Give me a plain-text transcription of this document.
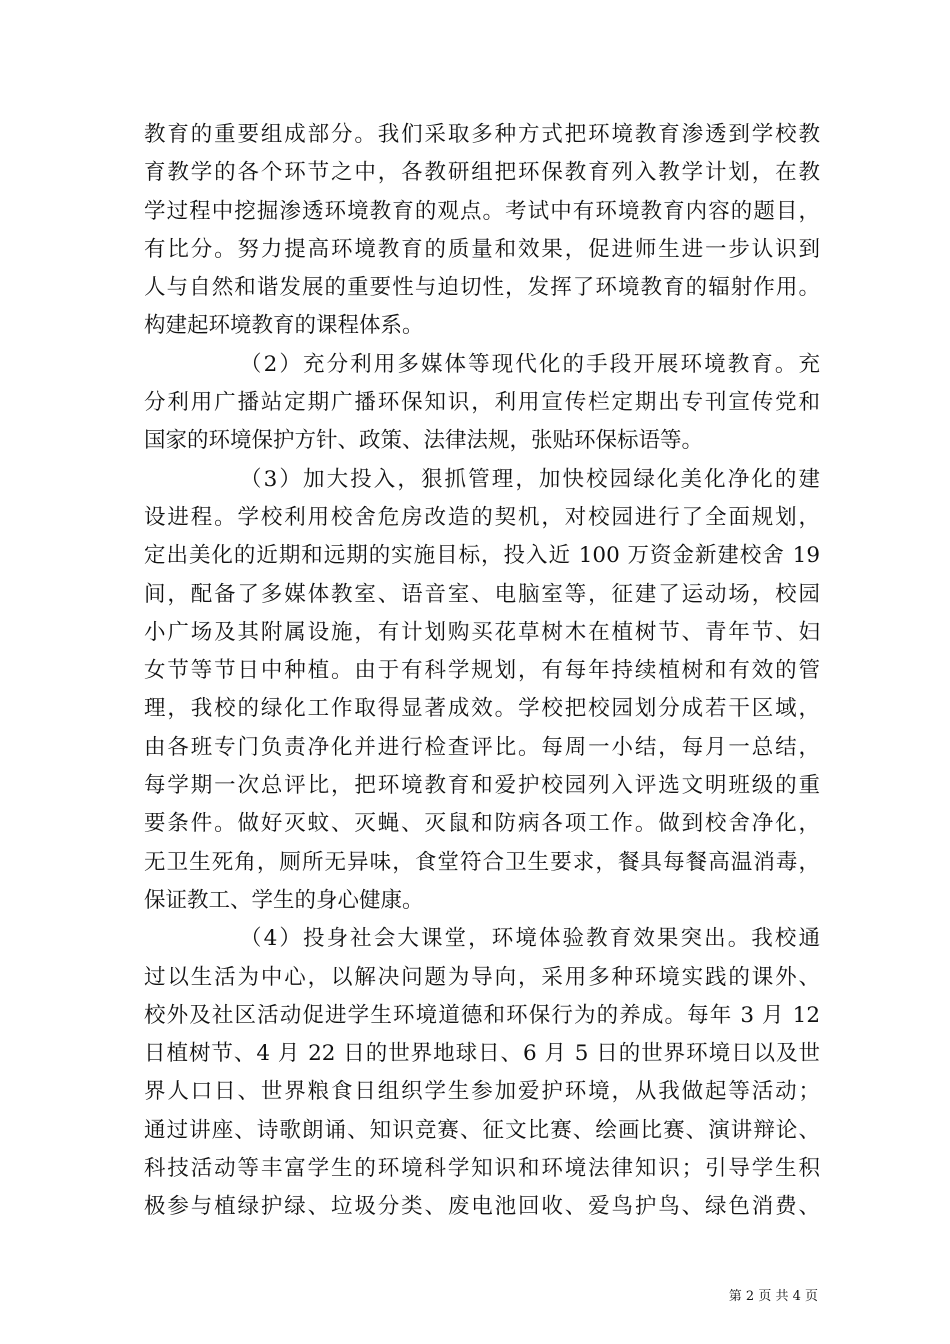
教育的重要组成部分。我们采取多种方式把环境教育渗透到学校教
育教学的各个环节之中，各教研组把环保教育列入教学计划，在教
学过程中挖掘渗透环境教育的观点。考试中有环境教育内容的题目，
有比分。努力提高环境教育的质量和效果，促进师生进一步认识到
人与自然和谐发展的重要性与迫切性，发挥了环境教育的辐射作用。
构建起环境教育的课程体系。
（2）充分利用多媒体等现代化的手段开展环境教育。充
分利用广播站定期广播环保知识，利用宣传栏定期出专刊宣传党和
国家的环境保护方针、政策、法律法规，张贴环保标语等。
（3）加大投入，狠抓管理，加快校园绿化美化净化的建
设进程。学校利用校舍危房改造的契机，对校园进行了全面规划，
定出美化的近期和远期的实施目标，投入近 100 万资金新建校舍 19
间，配备了多媒体教室、语音室、电脑室等，征建了运动场，校园
小广场及其附属设施，有计划购买花草树木在植树节、青年节、妇
女节等节日中种植。由于有科学规划，有每年持续植树和有效的管
理，我校的绿化工作取得显著成效。学校把校园划分成若干区域，
由各班专门负责净化并进行检查评比。每周一小结，每月一总结，
每学期一次总评比，把环境教育和爱护校园列入评选文明班级的重
要条件。做好灭蚊、灭蝇、灭鼠和防病各项工作。做到校舍净化，
无卫生死角，厕所无异味，食堂符合卫生要求，餐具每餐高温消毒，
保证教工、学生的身心健康。
（4）投身社会大课堂，环境体验教育效果突出。我校通
过以生活为中心，以解决问题为导向，采用多种环境实践的课外、
校外及社区活动促进学生环境道德和环保行为的养成。每年 3 月 12
日植树节、4 月 22 日的世界地球日、6 月 5 日的世界环境日以及世
界人口日、世界粮食日组织学生参加爱护环境，从我做起等活动；
通过讲座、诗歌朗诵、知识竞赛、征文比赛、绘画比赛、演讲辩论、
科技活动等丰富学生的环境科学知识和环境法律知识；引导学生积
极参与植绿护绿、垃圾分类、废电池回收、爱鸟护鸟、绿色消费、
第 2 页 共 4 页
